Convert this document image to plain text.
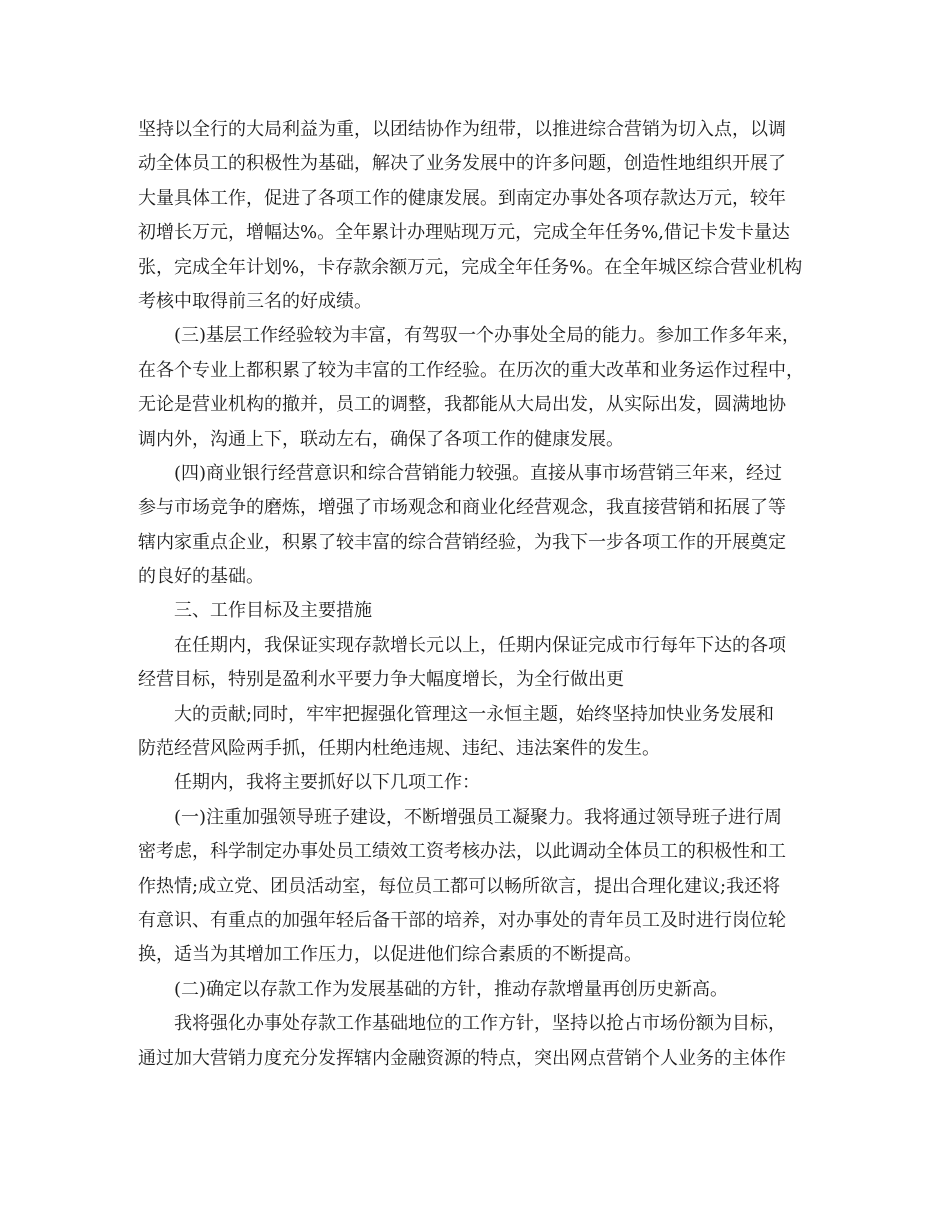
坚持以全行的大局利益为重，以团结协作为纽带，以推进综合营销为切入点，以调
动全体员工的积极性为基础，解决了业务发展中的许多问题，创造性地组织开展了
大量具体工作，促进了各项工作的健康发展。到南定办事处各项存款达万元，较年
初增长万元，增幅达%。全年累计办理贴现万元，完成全年任务%,借记卡发卡量达
张，完成全年计划%，卡存款余额万元，完成全年任务%。在全年城区综合营业机构
考核中取得前三名的好成绩。
(三)基层工作经验较为丰富，有驾驭一个办事处全局的能力。参加工作多年来，
在各个专业上都积累了较为丰富的工作经验。在历次的重大改革和业务运作过程中，
无论是营业机构的撤并，员工的调整，我都能从大局出发，从实际出发，圆满地协
调内外，沟通上下，联动左右，确保了各项工作的健康发展。
(四)商业银行经营意识和综合营销能力较强。直接从事市场营销三年来，经过
参与市场竞争的磨炼，增强了市场观念和商业化经营观念，我直接营销和拓展了等
辖内家重点企业，积累了较丰富的综合营销经验，为我下一步各项工作的开展奠定
的良好的基础。
三、工作目标及主要措施
在任期内，我保证实现存款增长元以上，任期内保证完成市行每年下达的各项
经营目标，特别是盈利水平要力争大幅度增长，为全行做出更
大的贡献;同时，牢牢把握强化管理这一永恒主题，始终坚持加快业务发展和
防范经营风险两手抓，任期内杜绝违规、违纪、违法案件的发生。
任期内，我将主要抓好以下几项工作：
(一)注重加强领导班子建设，不断增强员工凝聚力。我将通过领导班子进行周
密考虑，科学制定办事处员工绩效工资考核办法，以此调动全体员工的积极性和工
作热情;成立党、团员活动室，每位员工都可以畅所欲言，提出合理化建议;我还将
有意识、有重点的加强年轻后备干部的培养，对办事处的青年员工及时进行岗位轮
换，适当为其增加工作压力，以促进他们综合素质的不断提高。
(二)确定以存款工作为发展基础的方针，推动存款增量再创历史新高。
我将强化办事处存款工作基础地位的工作方针，坚持以抢占市场份额为目标，
通过加大营销力度充分发挥辖内金融资源的特点，突出网点营销个人业务的主体作
